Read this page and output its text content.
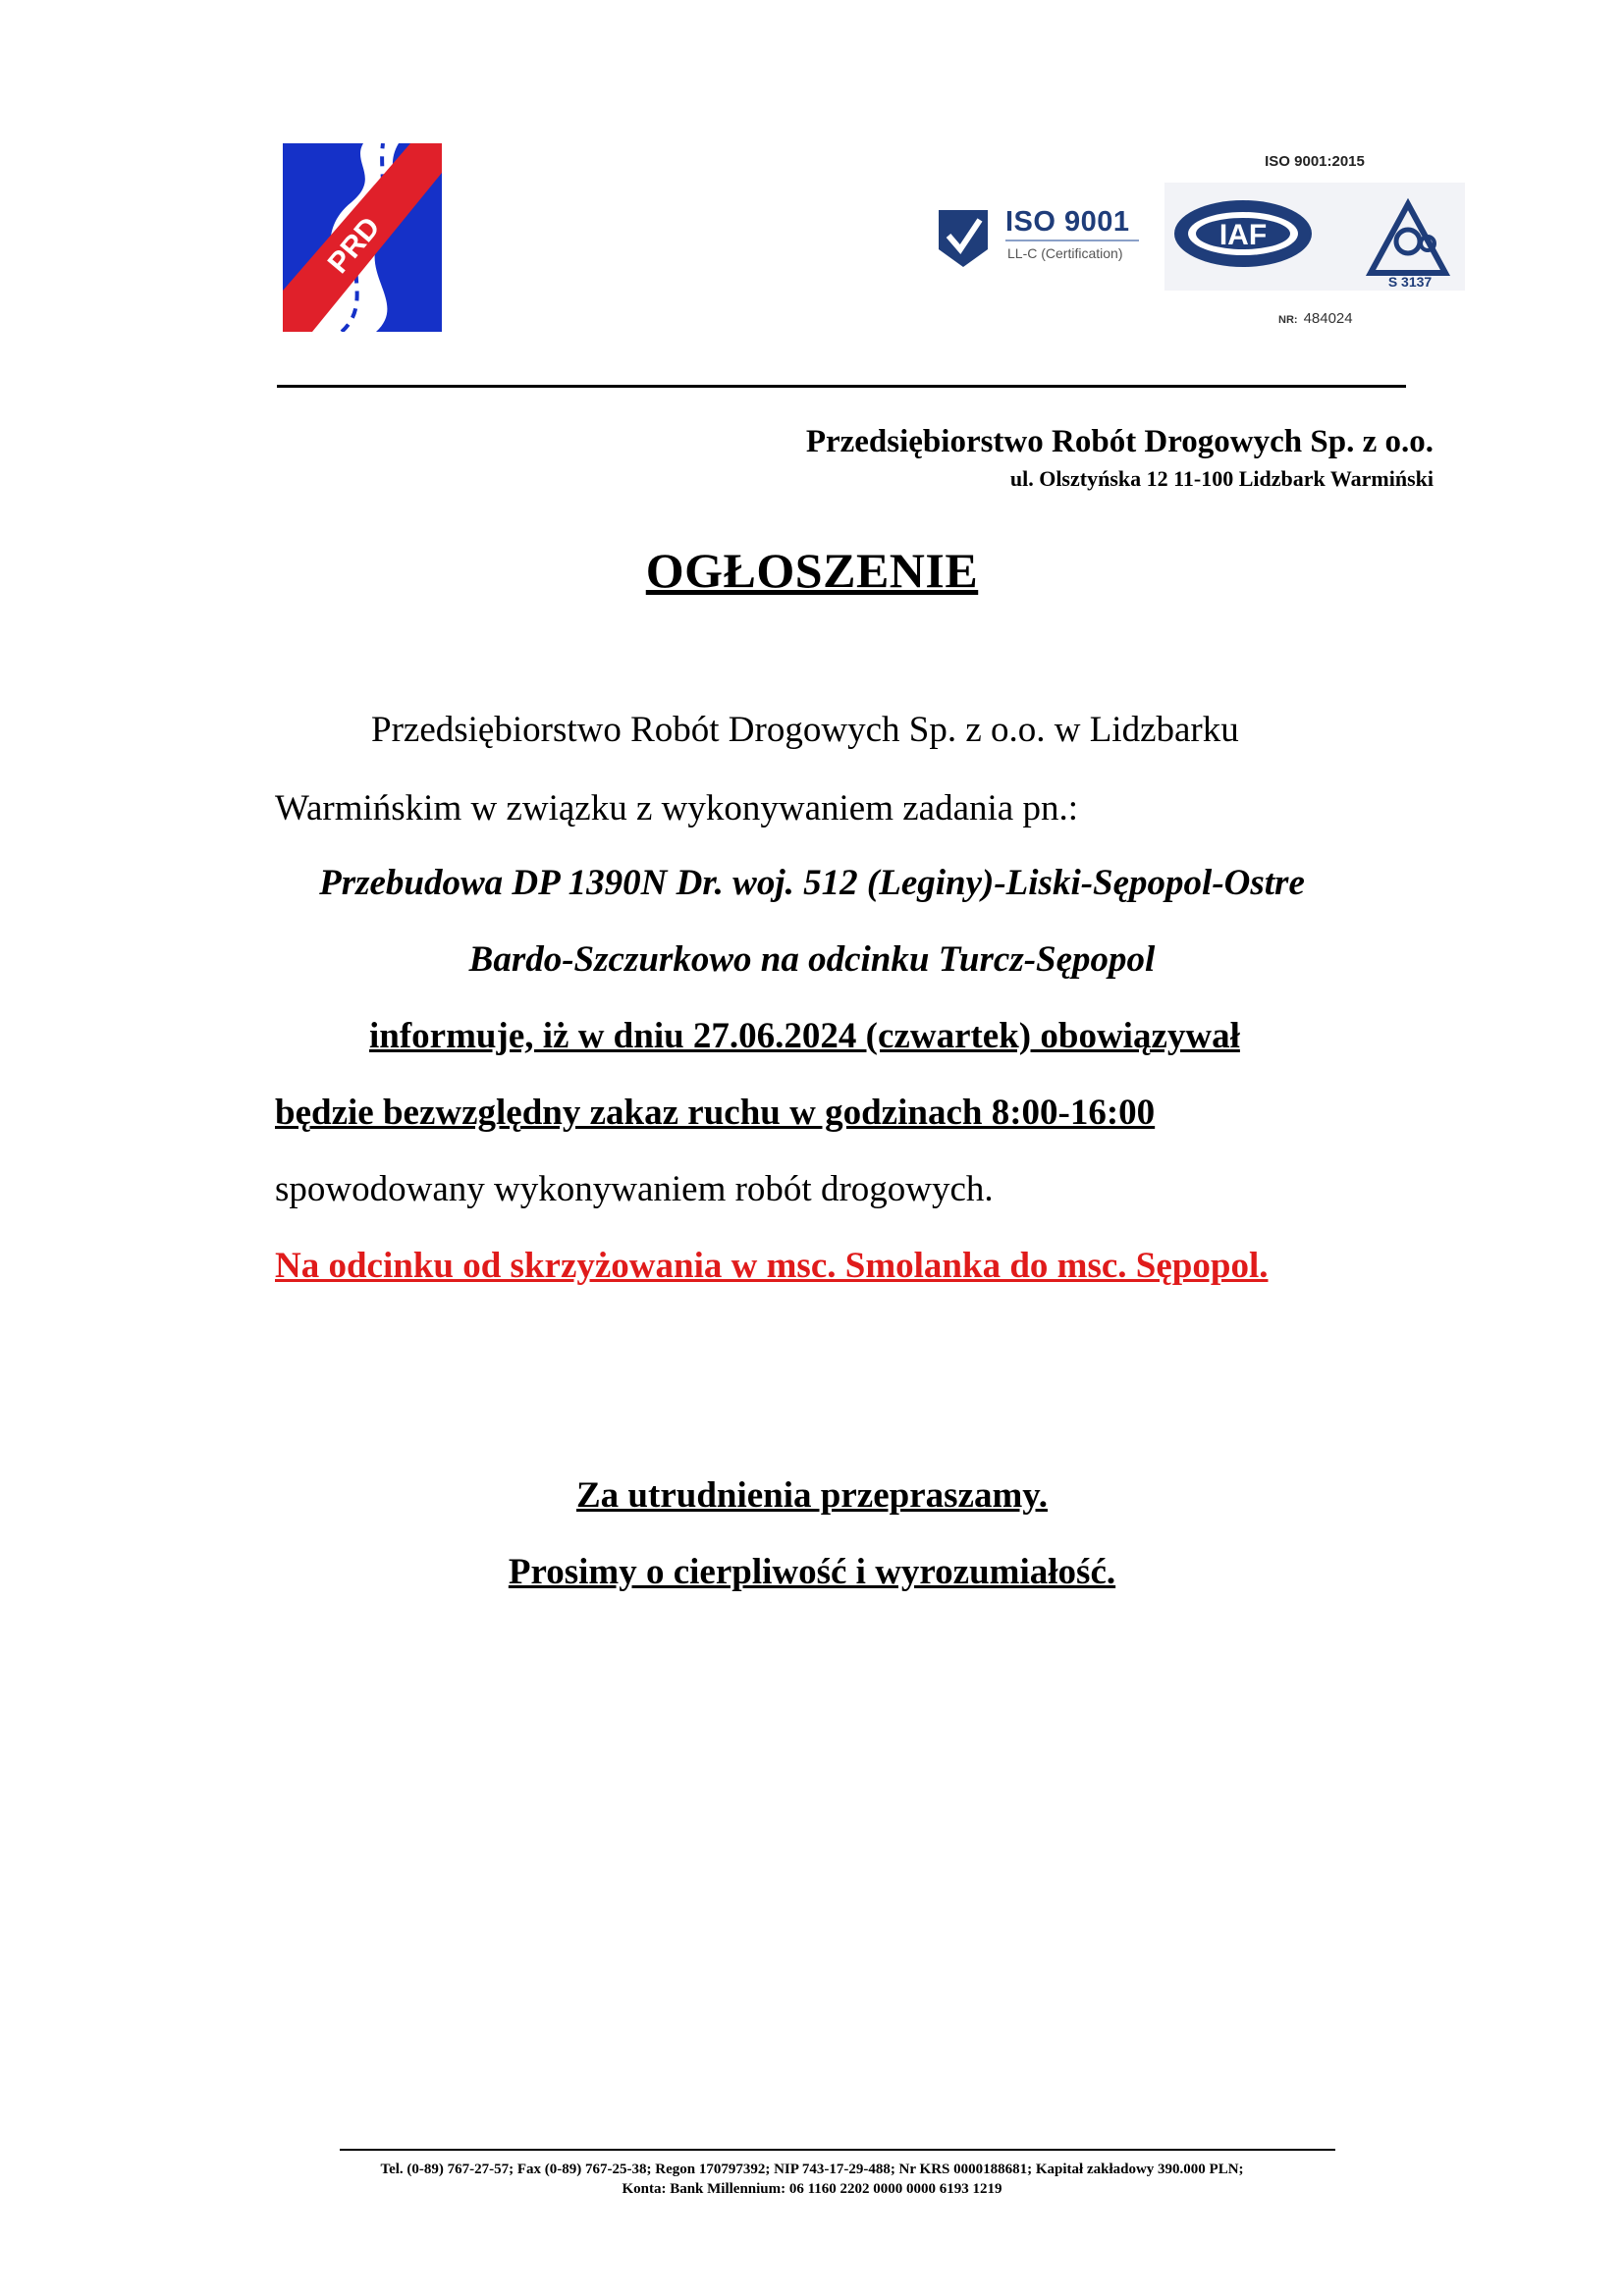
PRD	ISO 9001
LL-C (Certification)
ISO 9001:2015
IAF
S 3137
NR: 484024
Przedsiębiorstwo Robót Drogowych Sp. z o.o.
ul. Olsztyńska 12 11-100 Lidzbark Warmiński
OGŁOSZENIE
Przedsiębiorstwo Robót Drogowych Sp. z o.o. w Lidzbarku
Warmińskim w związku z wykonywaniem zadania pn.:
Przebudowa DP 1390N Dr. woj. 512 (Leginy)-Liski-Sępopol-Ostre
Bardo-Szczurkowo na odcinku Turcz-Sępopol
informuje, iż w dniu 27.06.2024 (czwartek) obowiązywał
będzie bezwzględny zakaz ruchu w godzinach 8:00-16:00
spowodowany wykonywaniem robót drogowych.
Na odcinku od skrzyżowania w msc. Smolanka do msc. Sępopol.
Za utrudnienia przepraszamy.
Prosimy o cierpliwość i wyrozumiałość.
Tel. (0-89) 767-27-57; Fax (0-89) 767-25-38; Regon 170797392; NIP 743-17-29-488; Nr KRS 0000188681; Kapitał zakładowy 390.000 PLN;
Konta: Bank Millennium: 06 1160 2202 0000 0000 6193 1219
